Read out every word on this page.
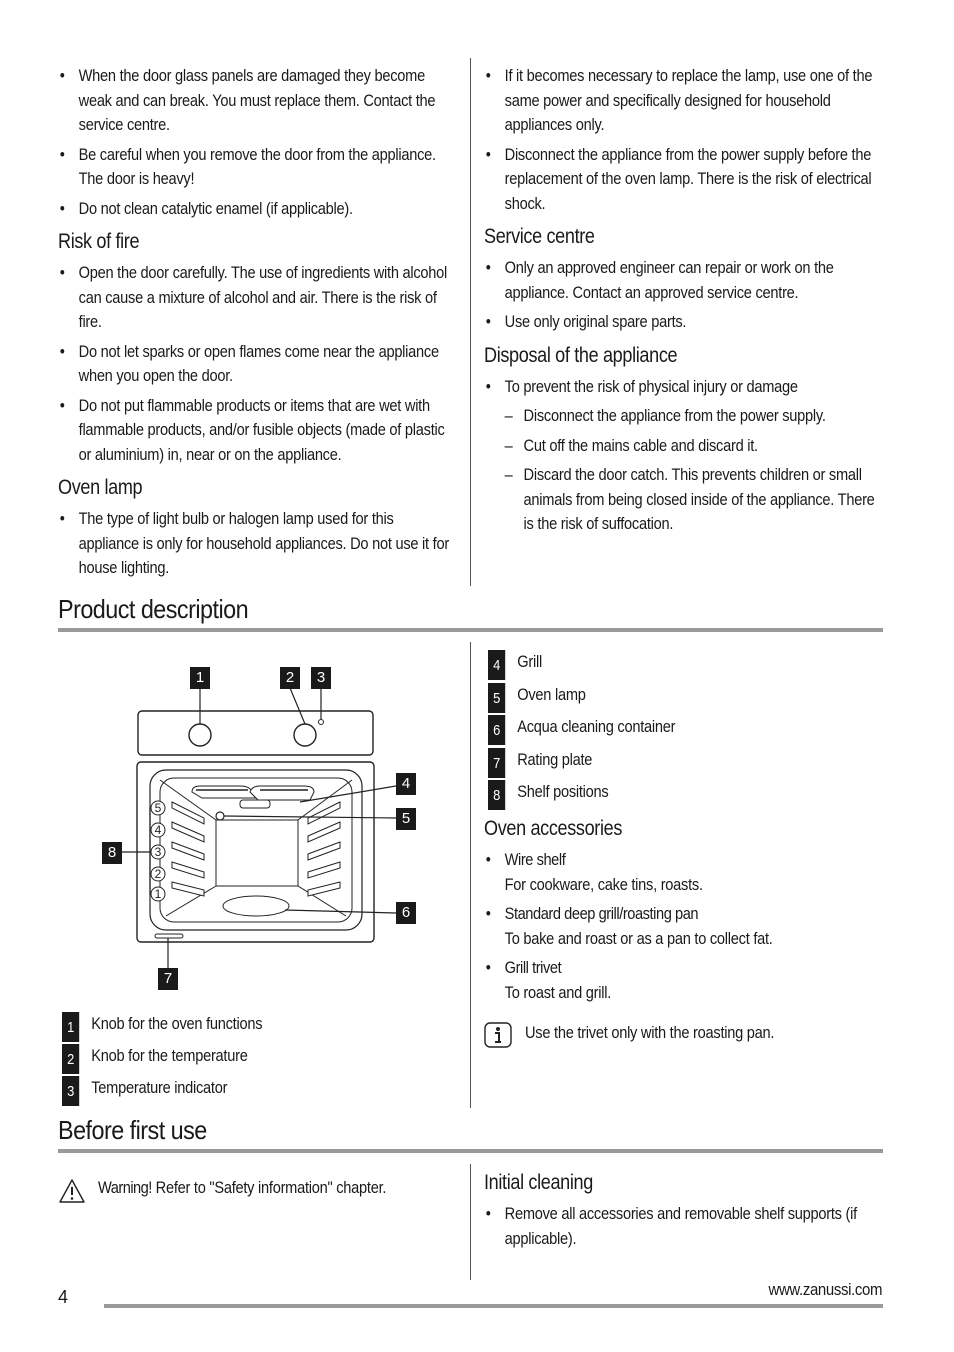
• When the door glass panels are damaged they become weak and can break. You must replace them. Contact the service centre.
• Be careful when you remove the door from the appliance. The door is heavy!
• Do not clean catalytic enamel (if applicable).
Risk of fire
• Open the door carefully. The use of ingredients with alcohol can cause a mixture of alcohol and air. There is the risk of fire.
• Do not let sparks or open flames come near the appliance when you open the door.
• Do not put flammable products or items that are wet with flammable products, and/or fusible objects (made of plastic or aluminium) in, near or on the appliance.
Oven lamp
• The type of light bulb or halogen lamp used for this appliance is only for household appliances. Do not use it for house lighting.
• If it becomes necessary to replace the lamp, use one of the same power and specifically designed for household appliances only.
• Disconnect the appliance from the power supply before the replacement of the oven lamp. There is the risk of electrical shock.
Service centre
• Only an approved engineer can repair or work on the appliance. Contact an approved service centre.
• Use only original spare parts.
Disposal of the appliance
• To prevent the risk of physical injury or damage
– Disconnect the appliance from the power supply.
– Cut off the mains cable and discard it.
– Discard the door catch. This prevents children or small animals from being closed inside of the appliance. There is the risk of suffocation.
Product description
5
4
3
2
1
1	2	3
4
5
6
7
8
1	Knob for the oven functions
2	Knob for the temperature
3	Temperature indicator
4	Grill
5	Oven lamp
6	Acqua cleaning container
7	Rating plate
8	Shelf positions
Oven accessories
• Wire shelf
For cookware, cake tins, roasts.
• Standard deep grill/roasting pan
To bake and roast or as a pan to collect fat.
• Grill trivet
To roast and grill.
Use the trivet only with the roasting pan.
Before first use
Warning! Refer to "Safety information" chapter.	Initial cleaning
• Remove all accessories and removable shelf supports (if applicable).
4	www.zanussi.com
